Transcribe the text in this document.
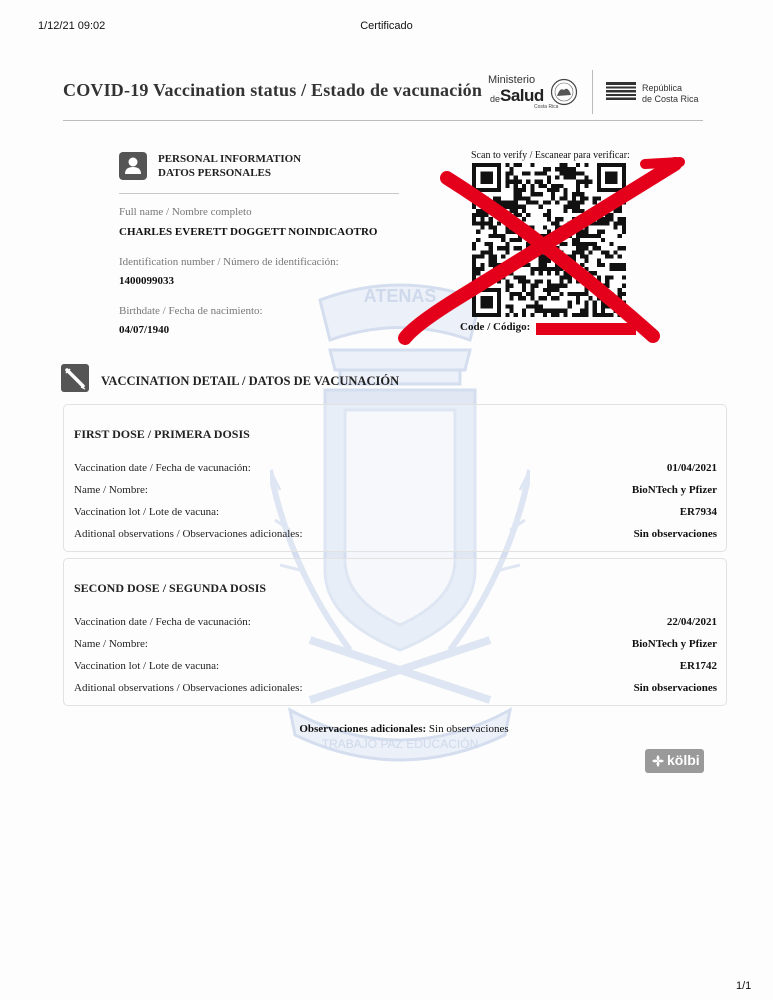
1/12/21 09:02	Certificado
1/1
ATENAS
TRABAJO PAZ EDUCACIÓN
COVID-19 Vaccination status / Estado de vacunación Ministerio
de Salud
Costa Rica
República
de Costa Rica
PERSONAL INFORMATION
DATOS PERSONALES
Full name / Nombre completo
CHARLES EVERETT DOGGETT NOINDICAOTRO
Identification number / Número de identificación:
1400099033
Birthdate / Fecha de nacimiento:
04/07/1940
Scan to verify / Escanear para verificar:
Code / Código:
VACCINATION DETAIL / DATOS DE VACUNACIÓN
FIRST DOSE / PRIMERA DOSIS
Vaccination date / Fecha de vacunación:	01/04/2021
Name / Nombre:	BioNTech y Pfizer
Vaccination lot / Lote de vacuna:	ER7934
Aditional observations / Observaciones adicionales:	Sin observaciones
SECOND DOSE / SEGUNDA DOSIS
Vaccination date / Fecha de vacunación:	22/04/2021
Name / Nombre:	BioNTech y Pfizer
Vaccination lot / Lote de vacuna:	ER1742
Aditional observations / Observaciones adicionales:	Sin observaciones
Observaciones adicionales: Sin observaciones
kölbi
